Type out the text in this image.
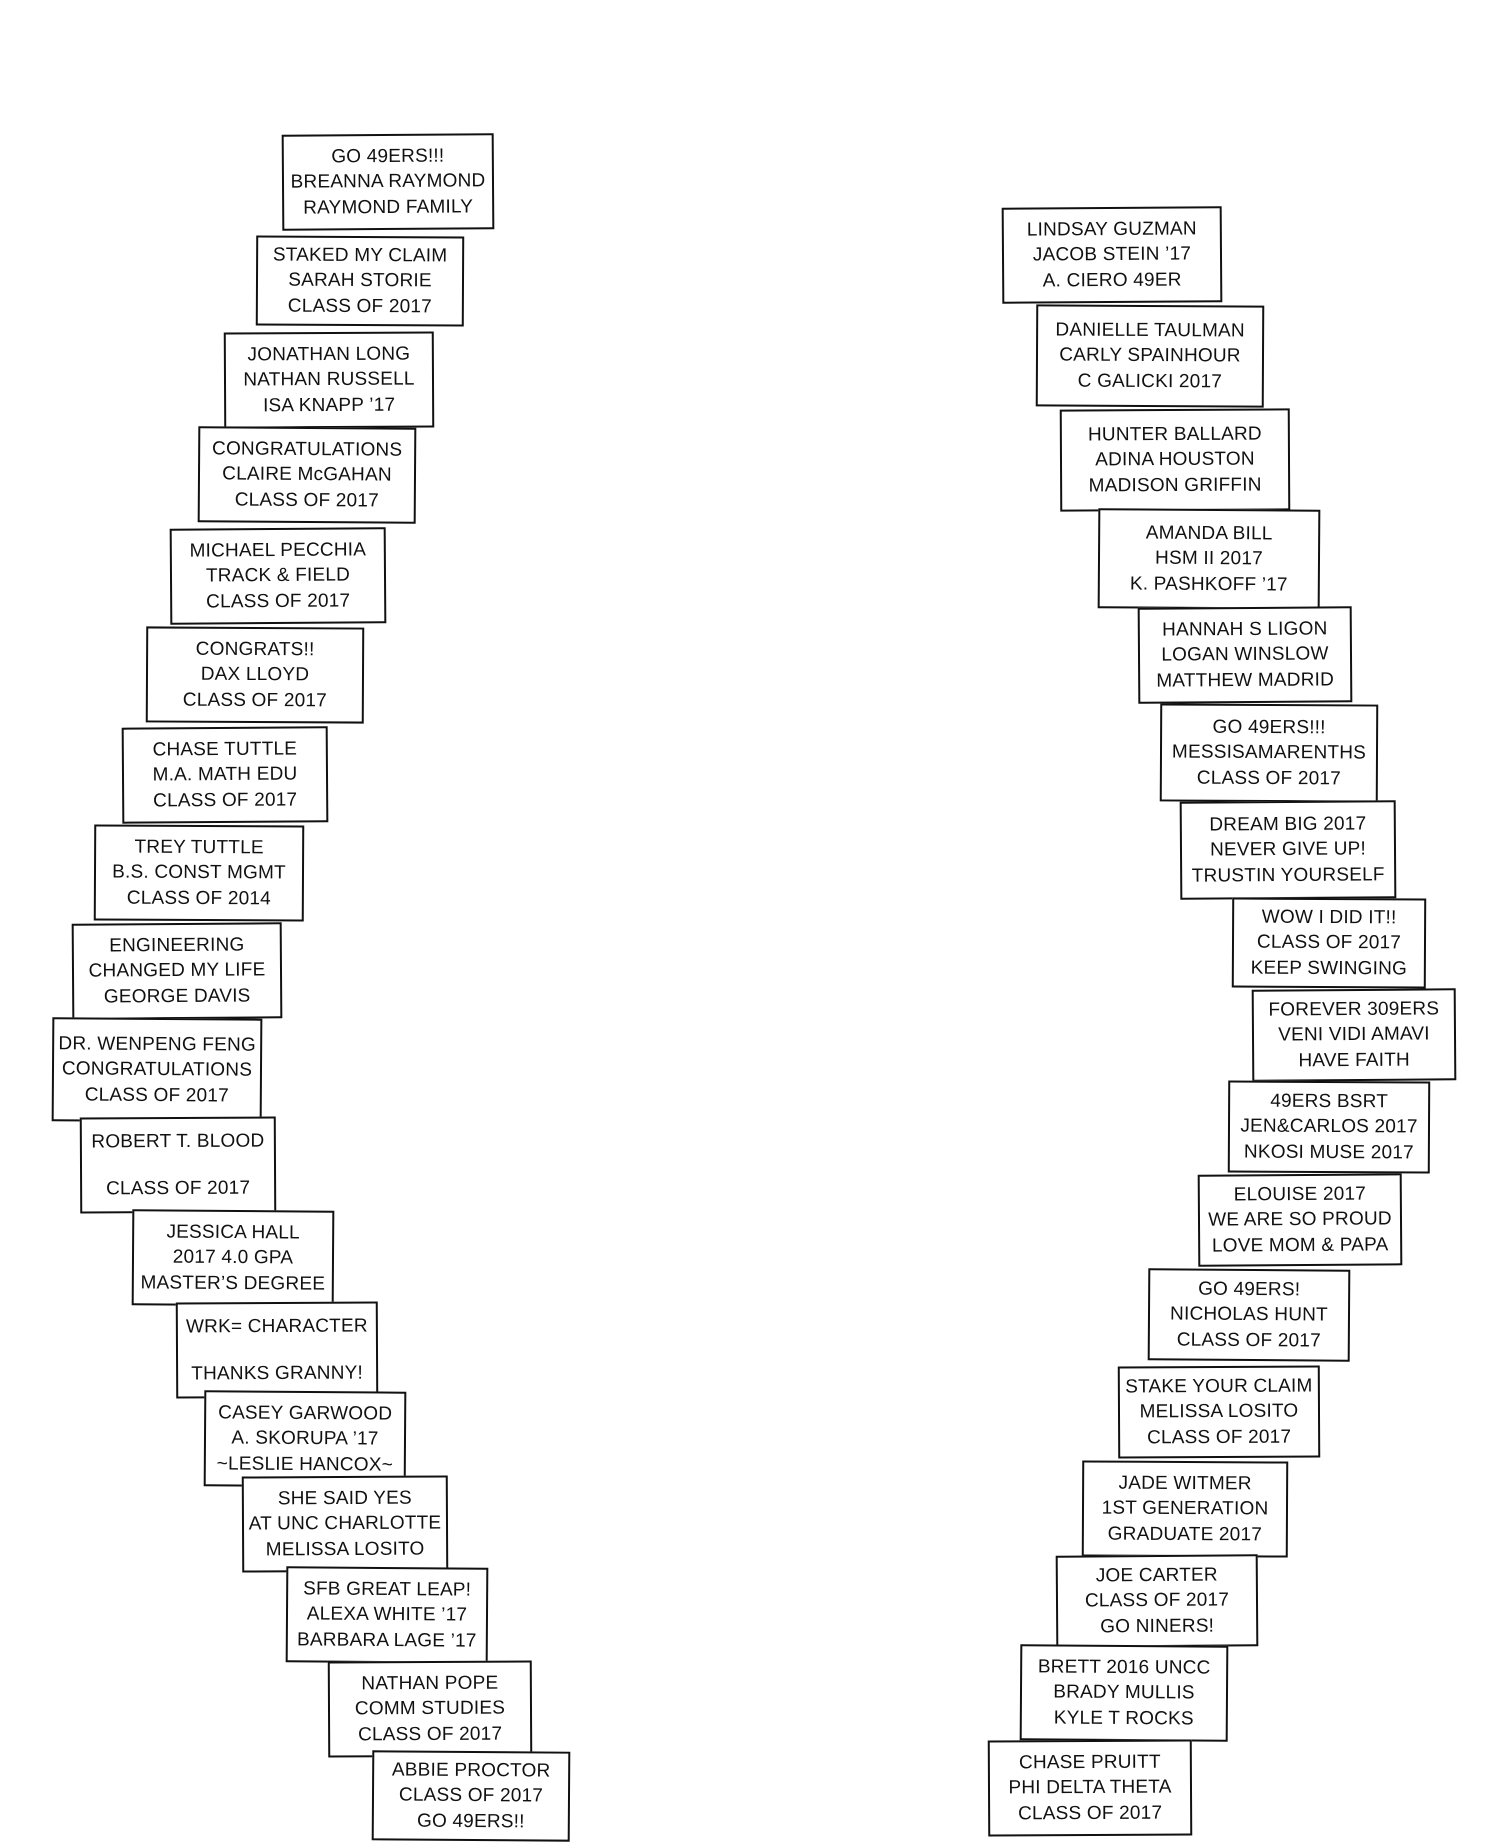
GO 49ERS!!!
BREANNA RAYMOND
RAYMOND FAMILY
STAKED MY CLAIM
SARAH STORIE
CLASS OF 2017
JONATHAN LONG
NATHAN RUSSELL
ISA KNAPP ’17
CONGRATULATIONS
CLAIRE McGAHAN
CLASS OF 2017
MICHAEL PECCHIA
TRACK & FIELD
CLASS OF 2017
CONGRATS!!
DAX LLOYD
CLASS OF 2017
CHASE TUTTLE
M.A. MATH EDU
CLASS OF 2017
TREY TUTTLE
B.S. CONST MGMT
CLASS OF 2014
ENGINEERING
CHANGED MY LIFE
GEORGE DAVIS
DR. WENPENG FENG
CONGRATULATIONS
CLASS OF 2017
ROBERT T. BLOOD
CLASS OF 2017
JESSICA HALL
2017 4.0 GPA
MASTER’S DEGREE
WRK= CHARACTER
THANKS GRANNY!
CASEY GARWOOD
A. SKORUPA ’17
~LESLIE HANCOX~
SHE SAID YES
AT UNC CHARLOTTE
MELISSA LOSITO
SFB GREAT LEAP!
ALEXA WHITE ’17
BARBARA LAGE ’17
NATHAN POPE
COMM STUDIES
CLASS OF 2017
ABBIE PROCTOR
CLASS OF 2017
GO 49ERS!!
LINDSAY GUZMAN
JACOB STEIN ’17
A. CIERO 49ER
DANIELLE TAULMAN
CARLY SPAINHOUR
C GALICKI 2017
HUNTER BALLARD
ADINA HOUSTON
MADISON GRIFFIN
AMANDA BILL
HSM II 2017
K. PASHKOFF ’17
HANNAH S LIGON
LOGAN WINSLOW
MATTHEW MADRID
GO 49ERS!!!
MESSISAMARENTHS
CLASS OF 2017
DREAM BIG 2017
NEVER GIVE UP!
TRUSTIN YOURSELF
WOW I DID IT!!
CLASS OF 2017
KEEP SWINGING
FOREVER 309ERS
VENI VIDI AMAVI
HAVE FAITH
49ERS BSRT
JEN&CARLOS 2017
NKOSI MUSE 2017
ELOUISE 2017
WE ARE SO PROUD
LOVE MOM & PAPA
GO 49ERS!
NICHOLAS HUNT
CLASS OF 2017
STAKE YOUR CLAIM
MELISSA LOSITO
CLASS OF 2017
JADE WITMER
1ST GENERATION
GRADUATE 2017
JOE CARTER
CLASS OF 2017
GO NINERS!
BRETT 2016 UNCC
BRADY MULLIS
KYLE T ROCKS
CHASE PRUITT
PHI DELTA THETA
CLASS OF 2017
